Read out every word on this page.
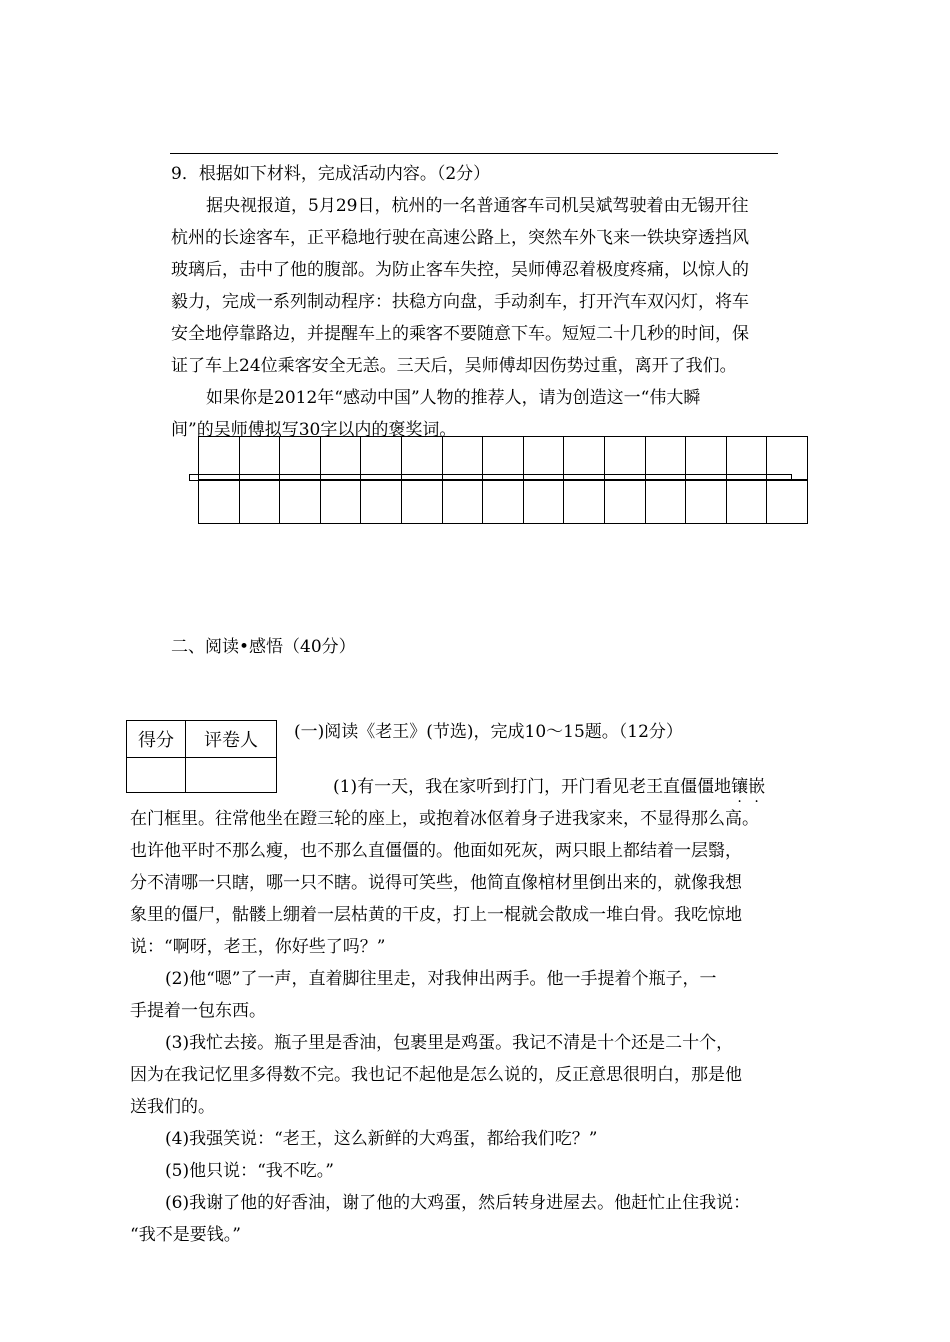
9．根据如下材料，完成活动内容。（2分）
据央视报道，5月29日，杭州的一名普通客车司机吴斌驾驶着由无锡开往
杭州的长途客车，正平稳地行驶在高速公路上，突然车外飞来一铁块穿透挡风
玻璃后，击中了他的腹部。为防止客车失控，吴师傅忍着极度疼痛，以惊人的
毅力，完成一系列制动程序：扶稳方向盘，手动刹车，打开汽车双闪灯，将车
安全地停靠路边，并提醒车上的乘客不要随意下车。短短二十几秒的时间，保
证了车上24位乘客安全无恙。三天后，吴师傅却因伤势过重，离开了我们。
如果你是2012年“感动中国”人物的推荐人，请为创造这一“伟大瞬
间”的吴师傅拟写30字以内的褒奖词。

二、阅读•感悟（40分）
得分	评卷人
	(一)阅读《老王》(节选)，完成10～15题。（12分）
(1)有一天，我在家听到打门，开门看见老王直僵僵地镶
·
嵌
·
在门框里。往常他坐在蹬三轮的座上，或抱着冰伛着身子进我家来，不显得那么高。
也许他平时不那么瘦，也不那么直僵僵的。他面如死灰，两只眼上都结着一层翳，
分不清哪一只瞎，哪一只不瞎。说得可笑些，他简直像棺材里倒出来的，就像我想
象里的僵尸，骷髅上绷着一层枯黄的干皮，打上一棍就会散成一堆白骨。我吃惊地
说：“啊呀，老王，你好些了吗？”
(2)他“嗯”了一声，直着脚往里走，对我伸出两手。他一手提着个瓶子，一
手提着一包东西。
(3)我忙去接。瓶子里是香油，包裹里是鸡蛋。我记不清是十个还是二十个，
因为在我记忆里多得数不完。我也记不起他是怎么说的，反正意思很明白，那是他
送我们的。
(4)我强笑说：“老王，这么新鲜的大鸡蛋，都给我们吃？”
(5)他只说：“我不吃。”
(6)我谢了他的好香油，谢了他的大鸡蛋，然后转身进屋去。他赶忙止住我说：
“我不是要钱。”
